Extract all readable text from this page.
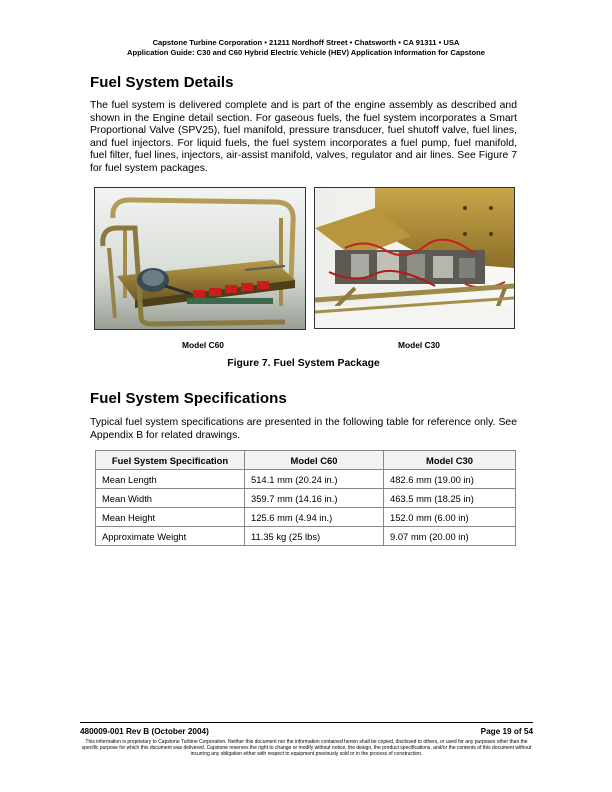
Capstone Turbine Corporation • 21211 Nordhoff Street • Chatsworth • CA 91311 • USA
Application Guide: C30 and C60 Hybrid Electric Vehicle (HEV) Application Information for Capstone
Fuel System Details

The fuel system is delivered complete and is part of the engine assembly as described and shown in the Engine detail section. For gaseous fuels, the fuel system incorporates a Smart Proportional Valve (SPV25), fuel manifold, pressure transducer, fuel shutoff valve, fuel lines, and fuel injectors. For liquid fuels, the fuel system incorporates a fuel pump, fuel manifold, fuel filter, fuel lines, injectors, air-assist manifold, valves, regulator and air lines. See Figure 7 for fuel system packages.

Model C60	Model C30
Figure 7. Fuel System Package
Fuel System Specifications

Typical fuel system specifications are presented in the following table for reference only. See Appendix B for related drawings.

Fuel System Specification	Model C60	Model C30
Mean Length	514.1 mm (20.24 in.)	482.6 mm (19.00 in)
Mean Width	359.7 mm (14.16 in.)	463.5 mm (18.25 in)
Mean Height	125.6 mm (4.94 in.)	152.0 mm (6.00 in)
Approximate Weight	11.35 kg (25 lbs)	9.07 mm (20.00 in)
480009-001 Rev B (October 2004)	Page 19 of 54

This information is proprietary to Capstone Turbine Corporation. Neither this document nor the information contained herein shall be copied, disclosed to others, or used for any purposes other than the specific purpose for which this document was delivered. Capstone reserves the right to change or modify without notice, the design, the product specifications, and/or the contents of this document without incurring any obligation either with respect to equipment previously sold or in the process of construction.
